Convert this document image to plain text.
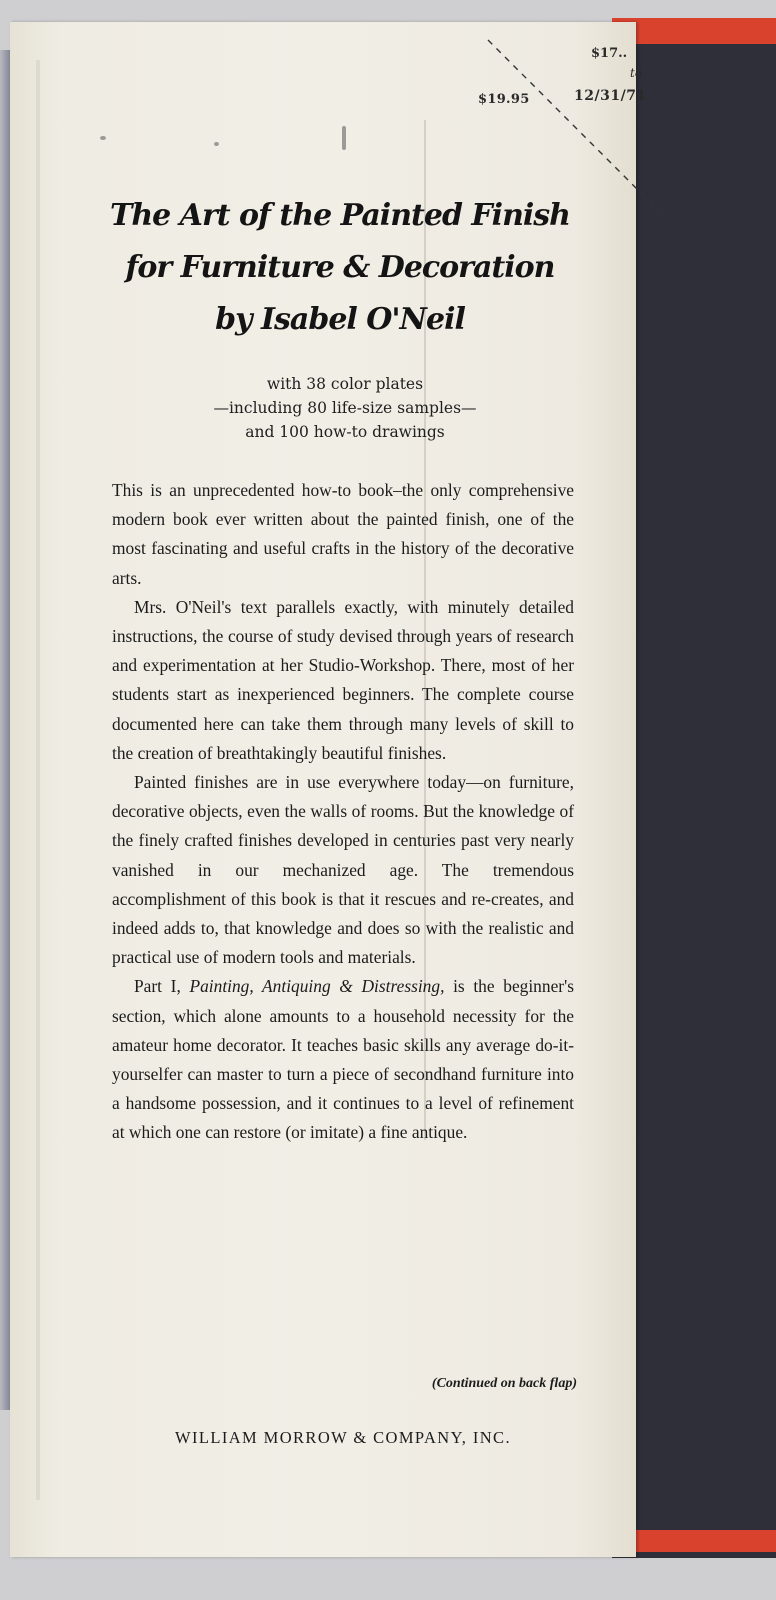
$19.95
$17.․
to
12/31/71
The Art of the Painted Finish
for Furniture & Decoration
by Isabel O'Neil
with 38 color plates
—including 80 life-size samples—
and 100 how-to drawings

This is an unprecedented how-to book–the only comprehensive modern book ever written about the painted finish, one of the most fascinating and useful crafts in the history of the decorative arts.

Mrs. O'Neil's text parallels exactly, with minutely detailed instructions, the course of study devised through years of research and experimentation at her Studio-Workshop. There, most of her students start as inexperienced beginners. The complete course documented here can take them through many levels of skill to the creation of breathtakingly beautiful finishes.

Painted finishes are in use everywhere today—on furniture, decorative objects, even the walls of rooms. But the knowledge of the finely crafted finishes developed in centuries past very nearly vanished in our mechanized age. The tremendous accomplishment of this book is that it rescues and re-creates, and indeed adds to, that knowledge and does so with the realistic and practical use of modern tools and materials.

Part I, Painting, Antiquing & Distressing, is the beginner's section, which alone amounts to a household necessity for the amateur home decorator. It teaches basic skills any average do-it-yourselfer can master to turn a piece of secondhand furniture into a handsome possession, and it continues to a level of refinement at which one can restore (or imitate) a fine antique.

(Continued on back flap)
WILLIAM MORROW & COMPANY, INC.
